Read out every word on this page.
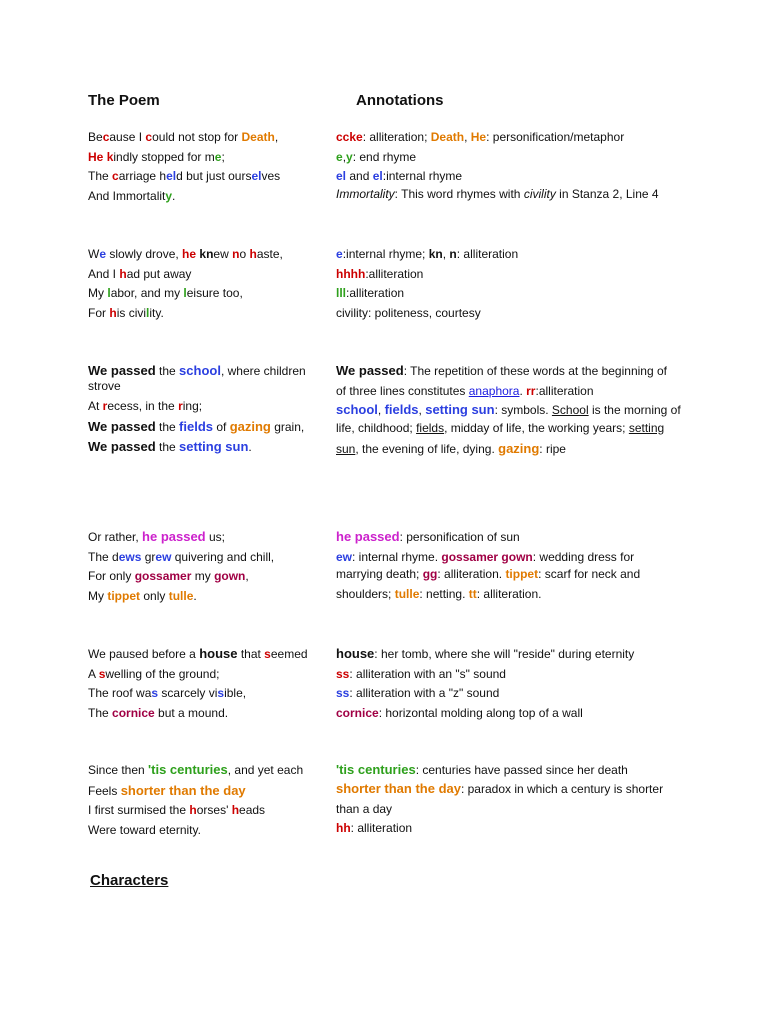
The Poem	Annotations
Because I could not stop for Death,
He kindly stopped for me;
The carriage held but just ourselves
And Immortality.
ccke: alliteration; Death, He: personification/metaphor
e,y: end rhyme
el and el:internal rhyme
Immortality: This word rhymes with civility in Stanza 2, Line 4
We slowly drove, he knew no haste,
And I had put away
My labor, and my leisure too,
For his civility.
e:internal rhyme; kn, n: alliteration
hhhh:alliteration
lll:alliteration
civility: politeness, courtesy
We passed the school, where children strove
At recess, in the ring;
We passed the fields of gazing grain,
We passed the setting sun.
We passed: The repetition of these words at the beginning of
of three lines constitutes anaphora. rr:alliteration
school, fields, setting sun: symbols. School is the morning of
life, childhood; fields, midday of life, the working years; setting
sun, the evening of life, dying. gazing: ripe
Or rather, he passed us;
The dews grew quivering and chill,
For only gossamer my gown,
My tippet only tulle.
he passed: personification of sun
ew: internal rhyme. gossamer gown: wedding dress for
marrying death; gg: alliteration. tippet: scarf for neck and
shoulders; tulle: netting. tt: alliteration.
We paused before a house that seemed
A swelling of the ground;
The roof was scarcely visible,
The cornice but a mound.
house: her tomb, where she will "reside" during eternity
ss: alliteration with an "s" sound
ss: alliteration with a "z" sound
cornice: horizontal molding along top of a wall
Since then 'tis centuries, and yet each
Feels shorter than the day
I first surmised the horses' heads
Were toward eternity.
'tis centuries: centuries have passed since her death
shorter than the day: paradox in which a century is shorter
than a day
hh: alliteration
Characters
